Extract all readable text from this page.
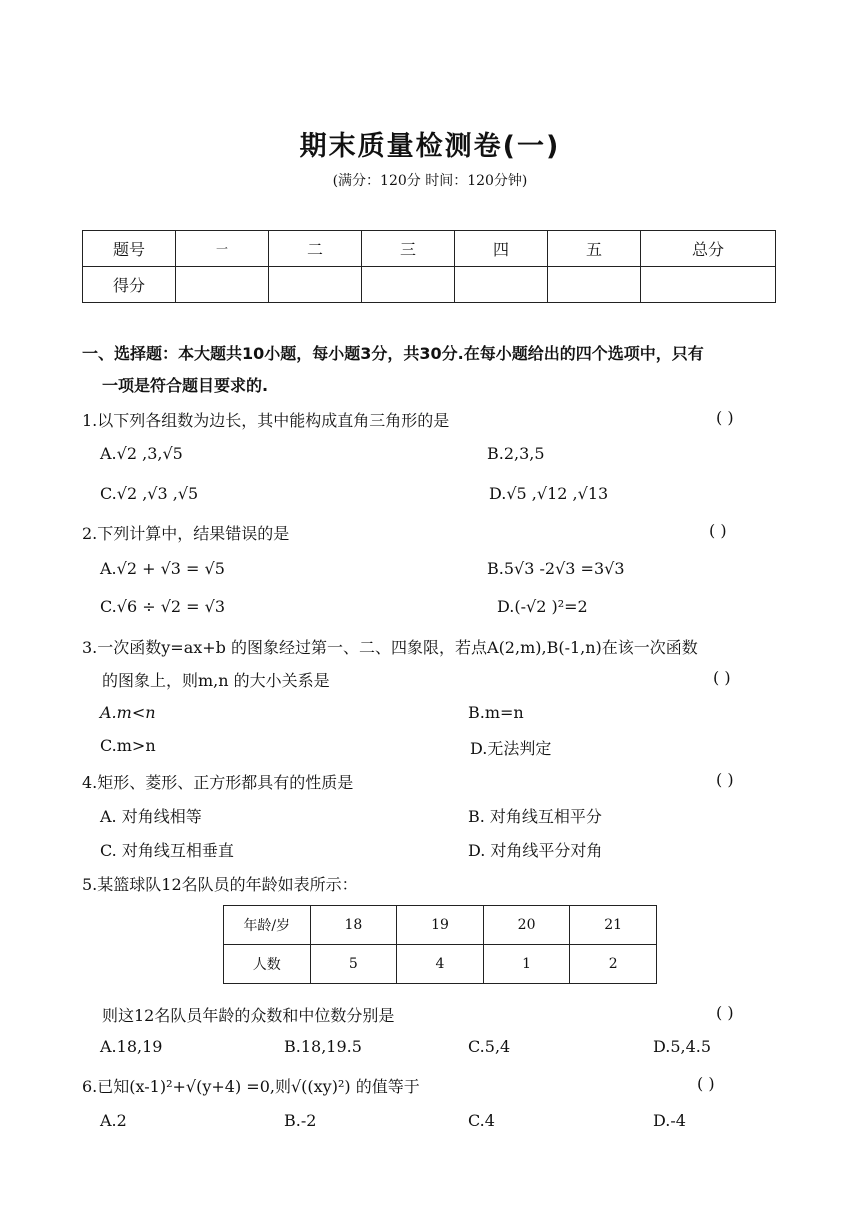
期末质量检测卷(一)
(满分：120分 时间：120分钟)
题号	一	二	三	四	五	总分
得分						
一、选择题：本大题共10小题，每小题3分，共30分.在每小题给出的四个选项中，只有
一项是符合题目要求的.
1.以下列各组数为边长，其中能构成直角三角形的是	( )
A.√2 ,3,√5	B.2,3,5
C.√2 ,√3 ,√5	D.√5 ,√12 ,√13
2.下列计算中，结果错误的是	( )
A.√2 + √3 = √5	B.5√3 -2√3 =3√3
C.√6 ÷ √2 = √3	D.(-√2 )²=2
3.一次函数y=ax+b 的图象经过第一、二、四象限，若点A(2,m),B(-1,n)在该一次函数
的图象上，则m,n 的大小关系是	( )
A.m<n	B.m=n
C.m>n	D.无法判定
4.矩形、菱形、正方形都具有的性质是	( )
A. 对角线相等	B. 对角线互相平分
C. 对角线互相垂直	D. 对角线平分对角
5.某篮球队12名队员的年龄如表所示：
年龄/岁	18	19	20	21
人数	5	4	1	2
则这12名队员年龄的众数和中位数分别是	( )
A.18,19	B.18,19.5	C.5,4	D.5,4.5
6.已知(x-1)²+√(y+4) =0,则√((xy)²) 的值等于	( )
A.2	B.-2	C.4	D.-4
